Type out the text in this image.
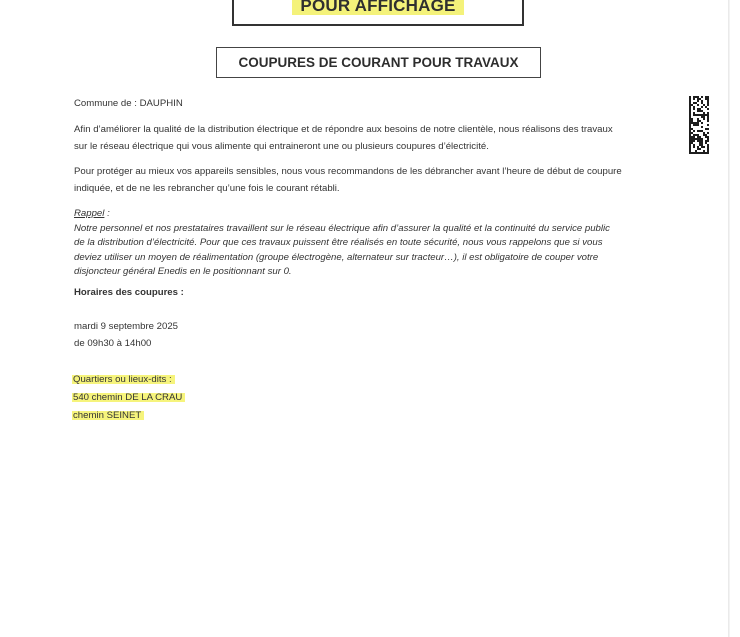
POUR AFFICHAGE
COUPURES DE COURANT POUR TRAVAUX
Commune de : DAUPHIN
Afin d’améliorer la qualité de la distribution électrique et de répondre aux besoins de notre clientèle, nous réalisons des travaux
sur le réseau électrique qui vous alimente qui entraineront une ou plusieurs coupures d’électricité.
Pour protéger au mieux vos appareils sensibles, nous vous recommandons de les débrancher avant l’heure de début de coupure
indiquée, et de ne les rebrancher qu’une fois le courant rétabli.
Rappel :
Notre personnel et nos prestataires travaillent sur le réseau électrique afin d’assurer la qualité et la continuité du service public
de la distribution d’électricité. Pour que ces travaux puissent être réalisés en toute sécurité, nous vous rappelons que si vous
deviez utiliser un moyen de réalimentation (groupe électrogène, alternateur sur tracteur…), il est obligatoire de couper votre
disjoncteur général Enedis en le positionnant sur 0.
Horaires des coupures :
mardi 9 septembre 2025
de 09h30 à 14h00
Quartiers ou lieux-dits :
540 chemin DE LA CRAU
chemin SEINET
